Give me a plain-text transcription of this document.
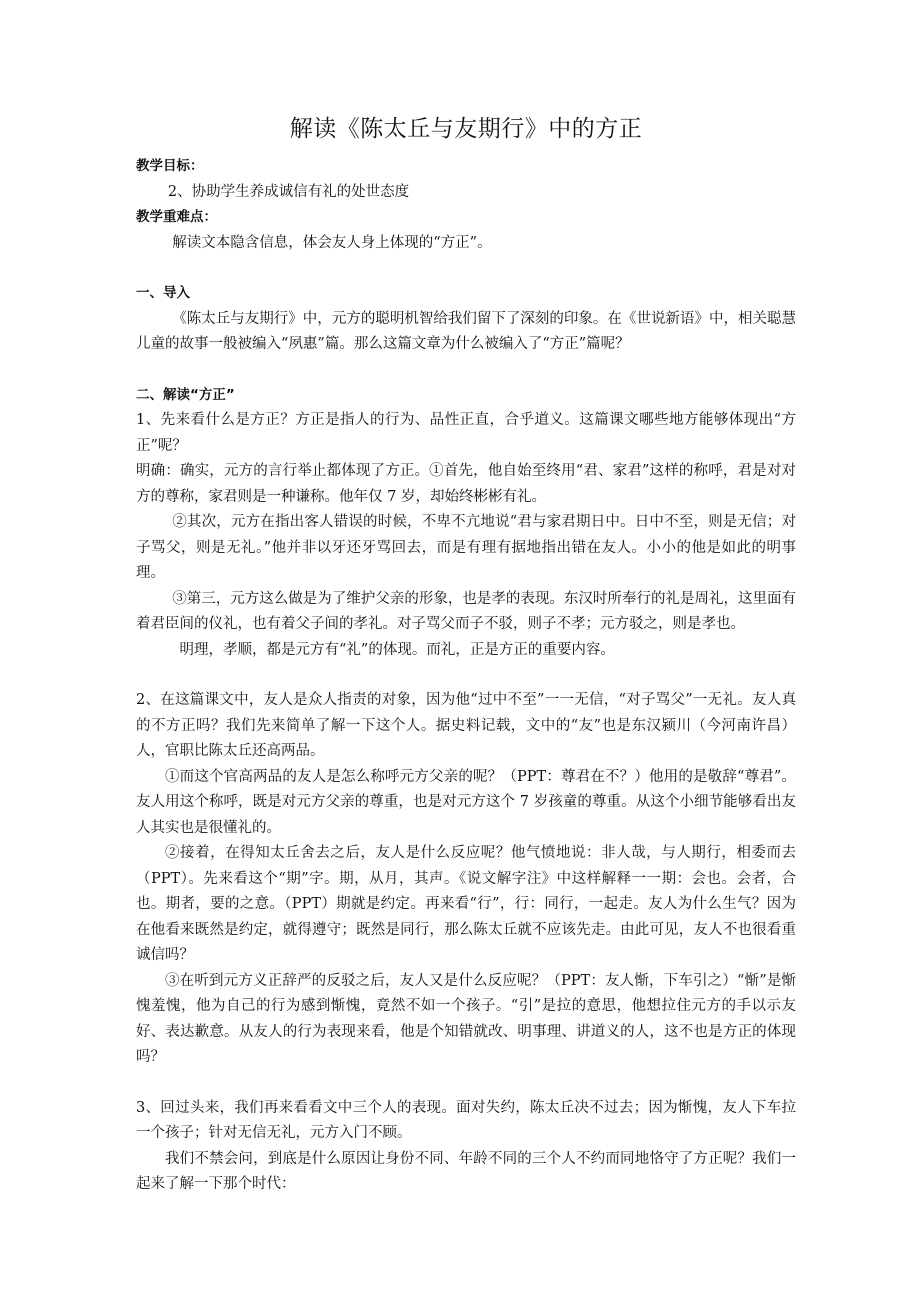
解读《陈太丘与友期行》中的方正

教学目标：

2、协助学生养成诚信有礼的处世态度

教学重难点：

解读文本隐含信息，体会友人身上体现的“方正”。

一、导入

《陈太丘与友期行》中，元方的聪明机智给我们留下了深刻的印象。在《世说新语》中，相关聪慧儿童的故事一般被编入“夙惠”篇。那么这篇文章为什么被编入了“方正”篇呢？

二、解读“方正”

1、先来看什么是方正？方正是指人的行为、品性正直，合乎道义。这篇课文哪些地方能够体现出“方正”呢？

明确：确实，元方的言行举止都体现了方正。①首先，他自始至终用“君、家君”这样的称呼，君是对对方的尊称，家君则是一种谦称。他年仅 7 岁，却始终彬彬有礼。

②其次，元方在指出客人错误的时候，不卑不亢地说“君与家君期日中。日中不至，则是无信；对子骂父，则是无礼。”他并非以牙还牙骂回去，而是有理有据地指出错在友人。小小的他是如此的明事理。

③第三，元方这么做是为了维护父亲的形象，也是孝的表现。东汉时所奉行的礼是周礼，这里面有着君臣间的仪礼，也有着父子间的孝礼。对子骂父而子不驳，则子不孝；元方驳之，则是孝也。

明理，孝顺，都是元方有“礼”的体现。而礼，正是方正的重要内容。

2、在这篇课文中，友人是众人指责的对象，因为他“过中不至”一一无信，“对子骂父”一无礼。友人真的不方正吗？我们先来简单了解一下这个人。据史料记载，文中的“友”也是东汉颍川（今河南许昌）人，官职比陈太丘还高两品。

①而这个官高两品的友人是怎么称呼元方父亲的呢？（PPT：尊君在不？）他用的是敬辞“尊君”。友人用这个称呼，既是对元方父亲的尊重，也是对元方这个 7 岁孩童的尊重。从这个小细节能够看出友人其实也是很懂礼的。

②接着，在得知太丘舍去之后，友人是什么反应呢？他气愤地说：非人哉，与人期行，相委而去（PPT）。先来看这个“期”字。期，从月，其声。《说文解字注》中这样解释一一期：会也。会者，合也。期者，要的之意。（PPT）期就是约定。再来看“行”，行：同行，一起走。友人为什么生气？因为在他看来既然是约定，就得遵守；既然是同行，那么陈太丘就不应该先走。由此可见，友人不也很看重诚信吗？

③在听到元方义正辞严的反驳之后，友人又是什么反应呢？（PPT：友人惭，下车引之）“惭”是惭愧羞愧，他为自己的行为感到惭愧，竟然不如一个孩子。“引”是拉的意思，他想拉住元方的手以示友好、表达歉意。从友人的行为表现来看，他是个知错就改、明事理、讲道义的人，这不也是方正的体现吗？

3、回过头来，我们再来看看文中三个人的表现。面对失约，陈太丘决不过去；因为惭愧，友人下车拉一个孩子；针对无信无礼，元方入门不顾。

我们不禁会问，到底是什么原因让身份不同、年龄不同的三个人不约而同地恪守了方正呢？我们一起来了解一下那个时代：
